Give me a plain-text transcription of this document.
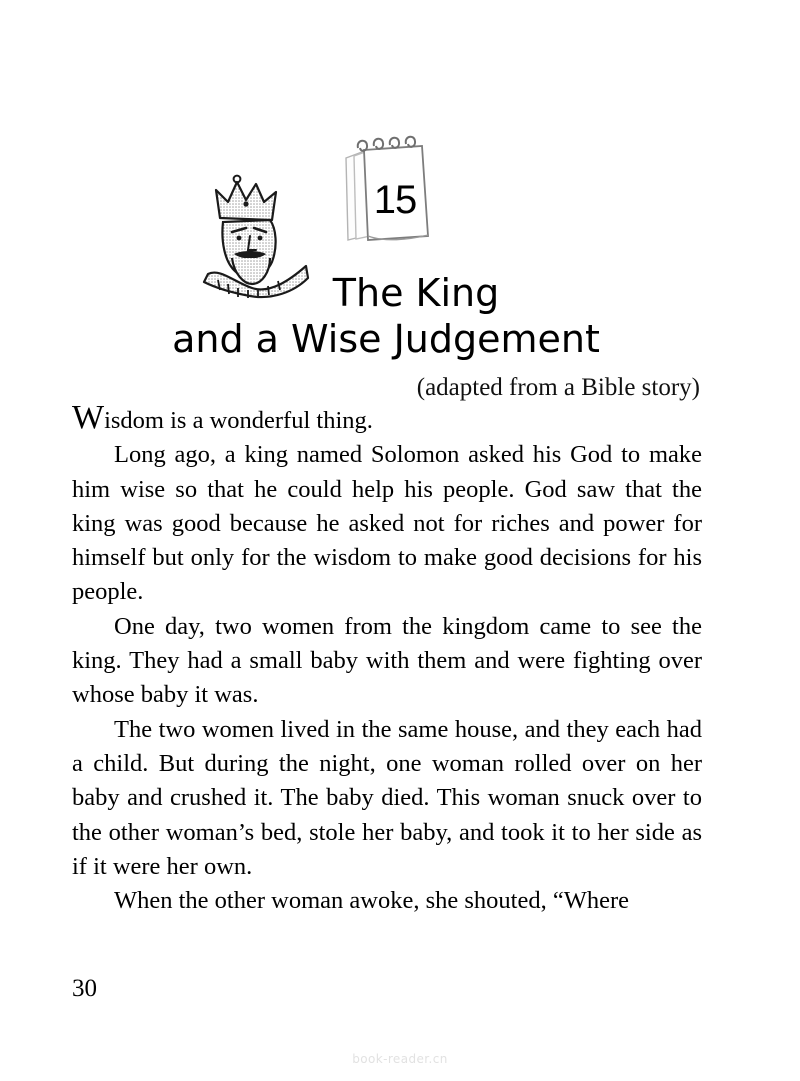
15
The King
and a Wise Judgement
(adapted from a Bible story)

Wisdom is a wonderful thing.

Long ago, a king named Solomon asked his God to make him wise so that he could help his people. God saw that the king was good because he asked not for riches and power for himself but only for the wisdom to make good decisions for his people.

One day, two women from the kingdom came to see the king. They had a small baby with them and were fighting over whose baby it was.

The two women lived in the same house, and they each had a child. But during the night, one woman rolled over on her baby and crushed it. The baby died. This woman snuck over to the other woman’s bed, stole her baby, and took it to her side as if it were her own.

When the other woman awoke, she shouted, “Where

30
book-reader.cn
